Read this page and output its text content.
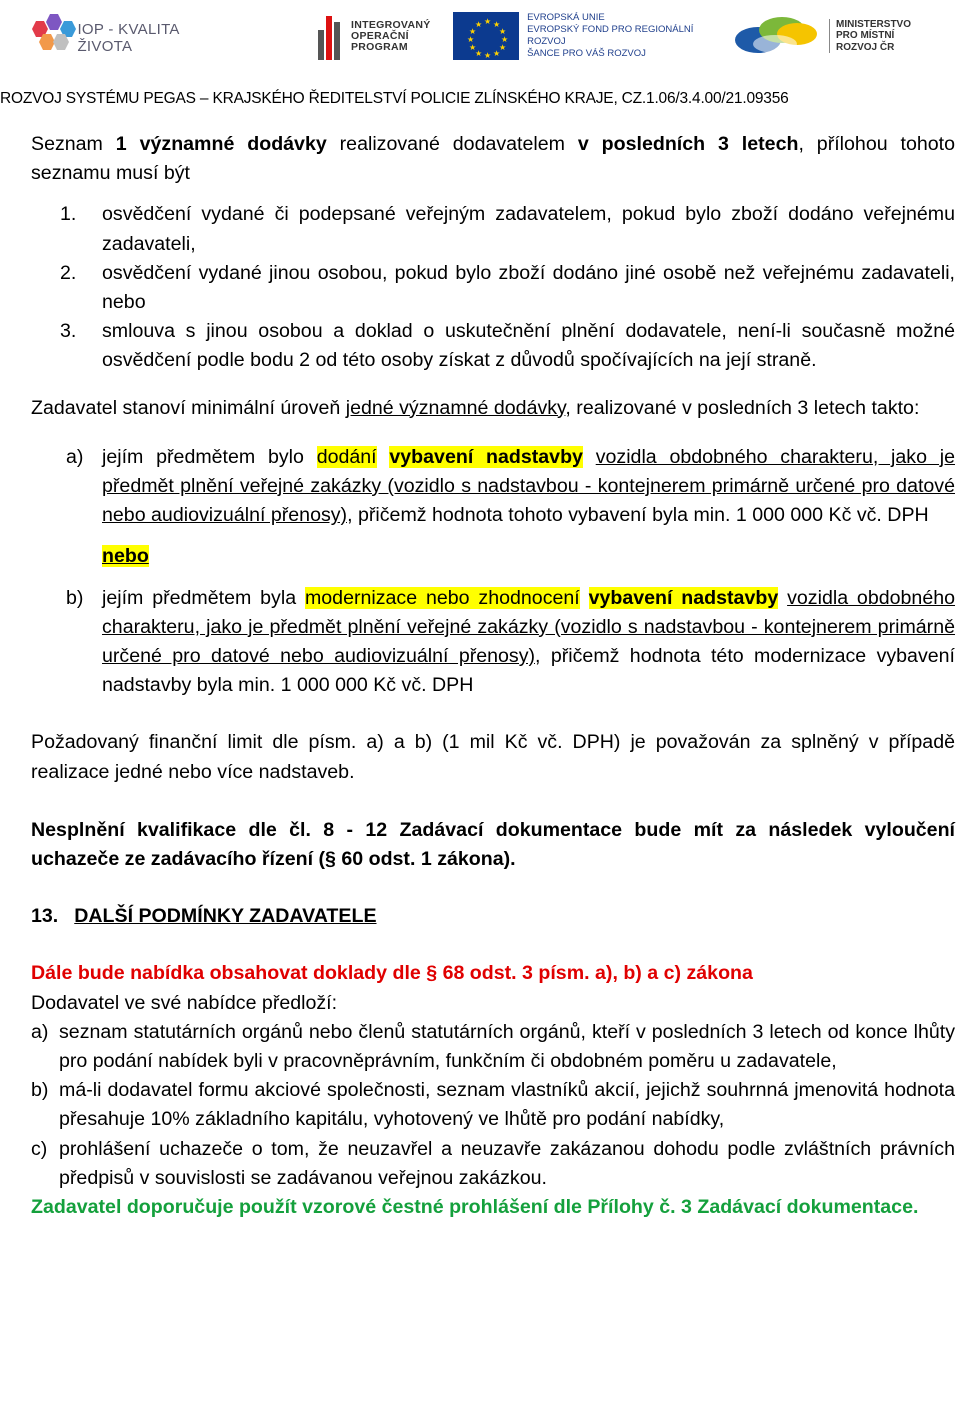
IOP - KVALITA ŽIVOTA
INTEGROVANÝ
OPERAČNÍ
PROGRAM
★ ★
★
★
★
★
★
★
★
★
★
★
EVROPSKÁ UNIE
EVROPSKÝ FOND PRO REGIONÁLNÍ ROZVOJ
ŠANCE PRO VÁŠ ROZVOJ
MINISTERSTVO
PRO MÍSTNÍ
ROZVOJ ČR
ROZVOJ SYSTÉMU PEGAS – KRAJSKÉHO ŘEDITELSTVÍ POLICIE ZLÍNSKÉHO KRAJE, CZ.1.06/3.4.00/21.09356

Seznam 1 významné dodávky realizované dodavatelem v posledních 3 letech, přílohou tohoto seznamu musí být

1. osvědčení vydané či podepsané veřejným zadavatelem, pokud bylo zboží dodáno veřejnému zadavateli,
2. osvědčení vydané jinou osobou, pokud bylo zboží dodáno jiné osobě než veřejnému zadavateli, nebo
3. smlouva s jinou osobou a doklad o uskutečnění plnění dodavatele, není-li současně možné osvědčení podle bodu 2 od této osoby získat z důvodů spočívajících na její straně.

Zadavatel stanoví minimální úroveň jedné významné dodávky, realizované v posledních 3 letech takto:

a) jejím předmětem bylo dodání vybavení nadstavby vozidla obdobného charakteru, jako je předmět plnění veřejné zakázky (vozidlo s nadstavbou - kontejnerem primárně určené pro datové nebo audiovizuální přenosy), přičemž hodnota tohoto vybavení byla min. 1 000 000 Kč vč. DPH
nebo
b) jejím předmětem byla modernizace nebo zhodnocení vybavení nadstavby vozidla obdobného charakteru, jako je předmět plnění veřejné zakázky (vozidlo s nadstavbou - kontejnerem primárně určené pro datové nebo audiovizuální přenosy), přičemž hodnota této modernizace vybavení nadstavby byla min. 1 000 000 Kč vč. DPH

Požadovaný finanční limit dle písm. a) a b) (1 mil Kč vč. DPH) je považován za splněný v případě realizace jedné nebo více nadstaveb.

Nesplnění kvalifikace dle čl. 8 - 12 Zadávací dokumentace bude mít za následek vyloučení uchazeče ze zadávacího řízení (§ 60 odst. 1 zákona).

13. DALŠÍ PODMÍNKY ZADAVATELE

Dále bude nabídka obsahovat doklady dle § 68 odst. 3 písm. a), b) a c) zákona

Dodavatel ve své nabídce předloží:

a) seznam statutárních orgánů nebo členů statutárních orgánů, kteří v posledních 3 letech od konce lhůty pro podání nabídek byli v pracovněprávním, funkčním či obdobném poměru u zadavatele,
b) má-li dodavatel formu akciové společnosti, seznam vlastníků akcií, jejichž souhrnná jmenovitá hodnota přesahuje 10% základního kapitálu, vyhotovený ve lhůtě pro podání nabídky,
c) prohlášení uchazeče o tom, že neuzavřel a neuzavře zakázanou dohodu podle zvláštních právních předpisů v souvislosti se zadávanou veřejnou zakázkou.

Zadavatel doporučuje použít vzorové čestné prohlášení dle Přílohy č. 3 Zadávací dokumentace.
